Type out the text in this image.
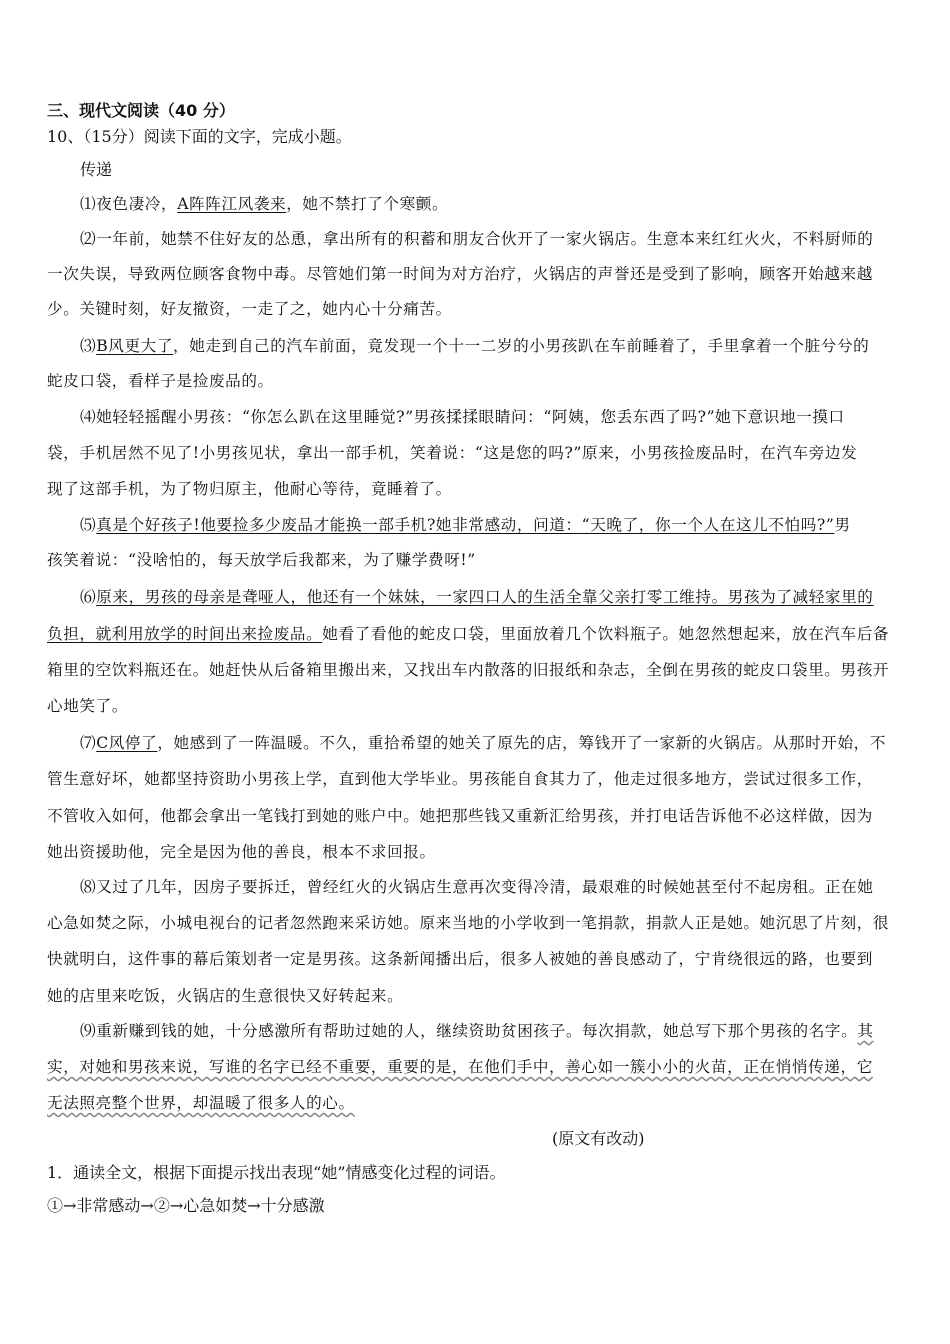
三、现代文阅读（40 分）
10、（15分）阅读下面的文字，完成小题。
传递
⑴夜色凄冷，A阵阵江风袭来，她不禁打了个寒颤。
⑵一年前，她禁不住好友的怂恿，拿出所有的积蓄和朋友合伙开了一家火锅店。生意本来红红火火，不料厨师的
一次失误，导致两位顾客食物中毒。尽管她们第一时间为对方治疗，火锅店的声誉还是受到了影响，顾客开始越来越
少。关键时刻，好友撤资，一走了之，她内心十分痛苦。
⑶B风更大了，她走到自己的汽车前面，竟发现一个十一二岁的小男孩趴在车前睡着了，手里拿着一个脏兮兮的
蛇皮口袋，看样子是捡废品的。
⑷她轻轻摇醒小男孩：“你怎么趴在这里睡觉?”男孩揉揉眼睛问：“阿姨，您丢东西了吗?”她下意识地一摸口
袋，手机居然不见了!小男孩见状，拿出一部手机，笑着说：“这是您的吗?”原来，小男孩捡废品时，在汽车旁边发
现了这部手机，为了物归原主，他耐心等待，竟睡着了。
⑸真是个好孩子!他要捡多少废品才能换一部手机?她非常感动，问道：“天晚了，你一个人在这儿不怕吗?”男
孩笑着说：“没啥怕的，每天放学后我都来，为了赚学费呀!”
⑹原来，男孩的母亲是聋哑人，他还有一个妹妹，一家四口人的生活全靠父亲打零工维持。男孩为了减轻家里的
负担，就利用放学的时间出来捡废品。她看了看他的蛇皮口袋，里面放着几个饮料瓶子。她忽然想起来，放在汽车后备
箱里的空饮料瓶还在。她赶快从后备箱里搬出来，又找出车内散落的旧报纸和杂志，全倒在男孩的蛇皮口袋里。男孩开
心地笑了。
⑺C风停了，她感到了一阵温暖。不久，重拾希望的她关了原先的店，筹钱开了一家新的火锅店。从那时开始，不
管生意好坏，她都坚持资助小男孩上学，直到他大学毕业。男孩能自食其力了，他走过很多地方，尝试过很多工作，
不管收入如何，他都会拿出一笔钱打到她的账户中。她把那些钱又重新汇给男孩，并打电话告诉他不必这样做，因为
她出资援助他，完全是因为他的善良，根本不求回报。
⑻又过了几年，因房子要拆迁，曾经红火的火锅店生意再次变得冷清，最艰难的时候她甚至付不起房租。正在她
心急如焚之际，小城电视台的记者忽然跑来采访她。原来当地的小学收到一笔捐款，捐款人正是她。她沉思了片刻，很
快就明白，这件事的幕后策划者一定是男孩。这条新闻播出后，很多人被她的善良感动了，宁肯绕很远的路，也要到
她的店里来吃饭，火锅店的生意很快又好转起来。
⑼重新赚到钱的她，十分感激所有帮助过她的人，继续资助贫困孩子。每次捐款，她总写下那个男孩的名字。其
实，对她和男孩来说，写谁的名字已经不重要，重要的是，在他们手中，善心如一簇小小的火苗，正在悄悄传递，它
无法照亮整个世界，却温暖了很多人的心。
(原文有改动)
1．通读全文，根据下面提示找出表现“她”情感变化过程的词语。
①→非常感动→②→心急如焚→十分感激
